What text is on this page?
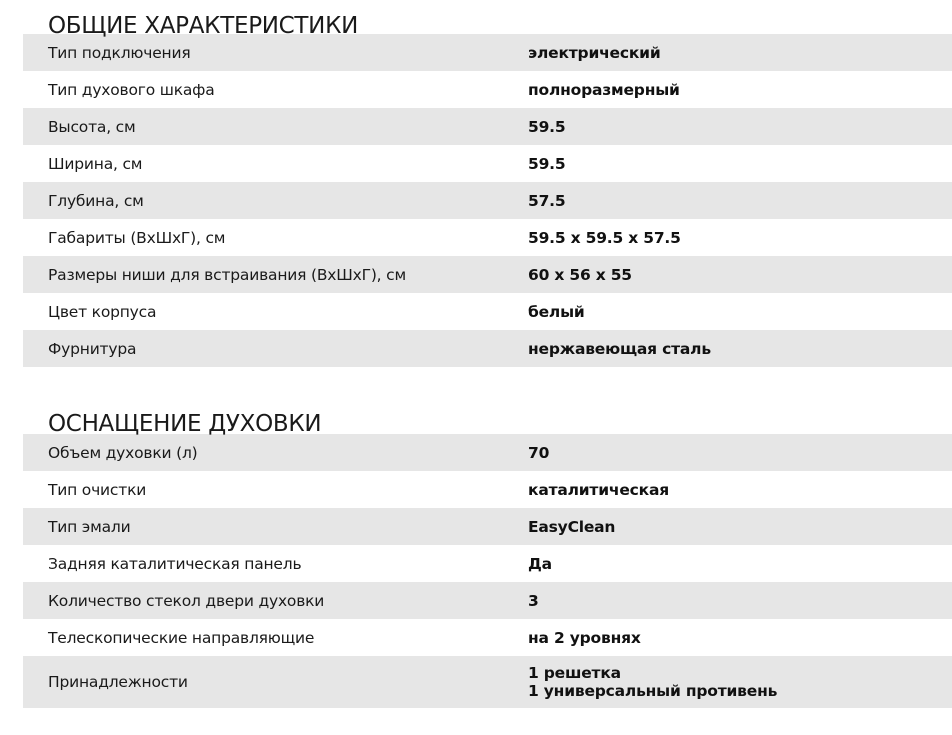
ОБЩИЕ ХАРАКТЕРИСТИКИ
Тип подключения	электрический
Тип духового шкафа	полноразмерный
Высота, см	59.5
Ширина, см	59.5
Глубина, см	57.5
Габариты (ВхШхГ), см	59.5 x 59.5 x 57.5
Размеры ниши для встраивания (ВхШхГ), см	60 x 56 x 55
Цвет корпуса	белый
Фурнитура	нержавеющая сталь
ОСНАЩЕНИЕ ДУХОВКИ
Объем духовки (л)	70
Тип очистки	каталитическая
Тип эмали	EasyClean
Задняя каталитическая панель	Да
Количество стекол двери духовки	3
Телескопические направляющие	на 2 уровнях
Принадлежности	1 решетка
1 универсальный противень
